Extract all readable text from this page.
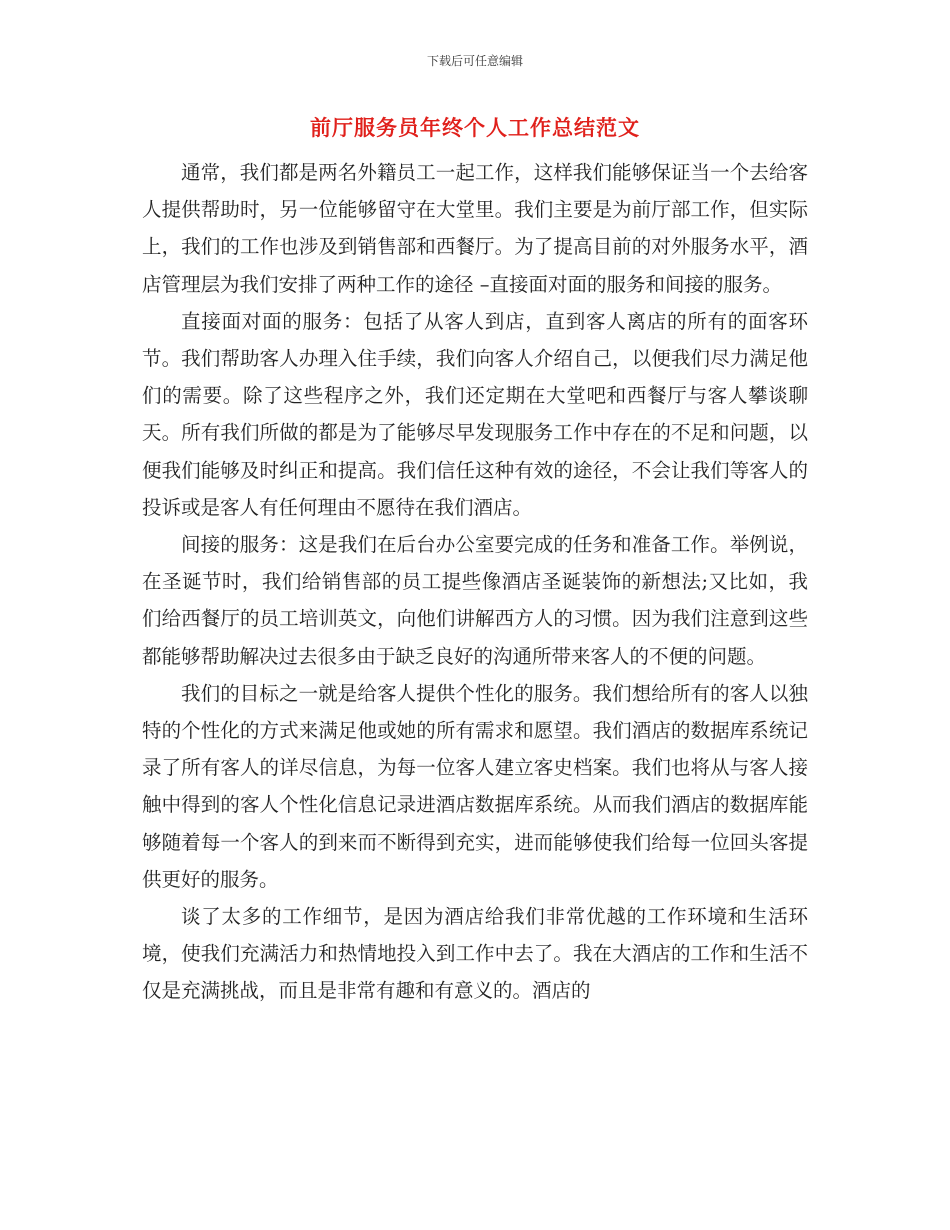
下载后可任意编辑
前厅服务员年终个人工作总结范文

通常，我们都是两名外籍员工一起工作，这样我们能够保证当一个去给客人提供帮助时，另一位能够留守在大堂里。我们主要是为前厅部工作，但实际上，我们的工作也涉及到销售部和西餐厅。为了提高目前的对外服务水平，酒店管理层为我们安排了两种工作的途径 –直接面对面的服务和间接的服务。

直接面对面的服务：包括了从客人到店，直到客人离店的所有的面客环节。我们帮助客人办理入住手续，我们向客人介绍自己，以便我们尽力满足他们的需要。除了这些程序之外，我们还定期在大堂吧和西餐厅与客人攀谈聊天。所有我们所做的都是为了能够尽早发现服务工作中存在的不足和问题，以便我们能够及时纠正和提高。我们信任这种有效的途径，不会让我们等客人的投诉或是客人有任何理由不愿待在我们酒店。

间接的服务：这是我们在后台办公室要完成的任务和准备工作。举例说，在圣诞节时，我们给销售部的员工提些像酒店圣诞装饰的新想法;又比如，我们给西餐厅的员工培训英文，向他们讲解西方人的习惯。因为我们注意到这些都能够帮助解决过去很多由于缺乏良好的沟通所带来客人的不便的问题。

我们的目标之一就是给客人提供个性化的服务。我们想给所有的客人以独特的个性化的方式来满足他或她的所有需求和愿望。我们酒店的数据库系统记录了所有客人的详尽信息，为每一位客人建立客史档案。我们也将从与客人接触中得到的客人个性化信息记录进酒店数据库系统。从而我们酒店的数据库能够随着每一个客人的到来而不断得到充实，进而能够使我们给每一位回头客提供更好的服务。

谈了太多的工作细节，是因为酒店给我们非常优越的工作环境和生活环境，使我们充满活力和热情地投入到工作中去了。我在大酒店的工作和生活不仅是充满挑战，而且是非常有趣和有意义的。酒店的
